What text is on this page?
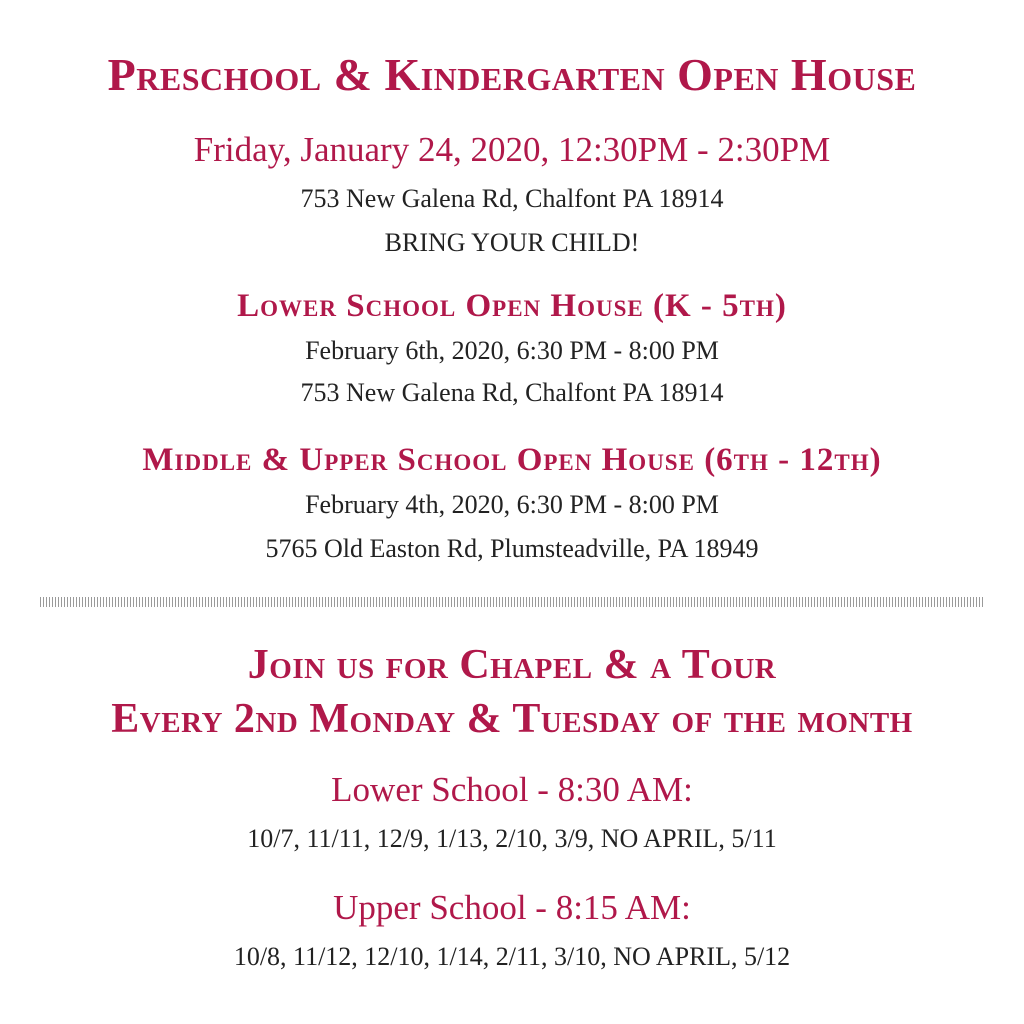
Preschool & Kindergarten Open House
Friday, January 24, 2020, 12:30PM - 2:30PM
753 New Galena Rd, Chalfont PA 18914
BRING YOUR CHILD!
Lower School Open House (K - 5th)
February 6th, 2020, 6:30 PM - 8:00 PM
753 New Galena Rd, Chalfont PA 18914
Middle & Upper School Open House (6th - 12th)
February 4th, 2020, 6:30 PM - 8:00 PM
5765 Old Easton Rd, Plumsteadville, PA 18949
Join us for Chapel & a Tour
Every 2nd Monday & Tuesday of the month
Lower School - 8:30 AM:
10/7, 11/11, 12/9, 1/13, 2/10, 3/9, NO APRIL, 5/11
Upper School - 8:15 AM:
10/8, 11/12, 12/10, 1/14, 2/11, 3/10, NO APRIL, 5/12
